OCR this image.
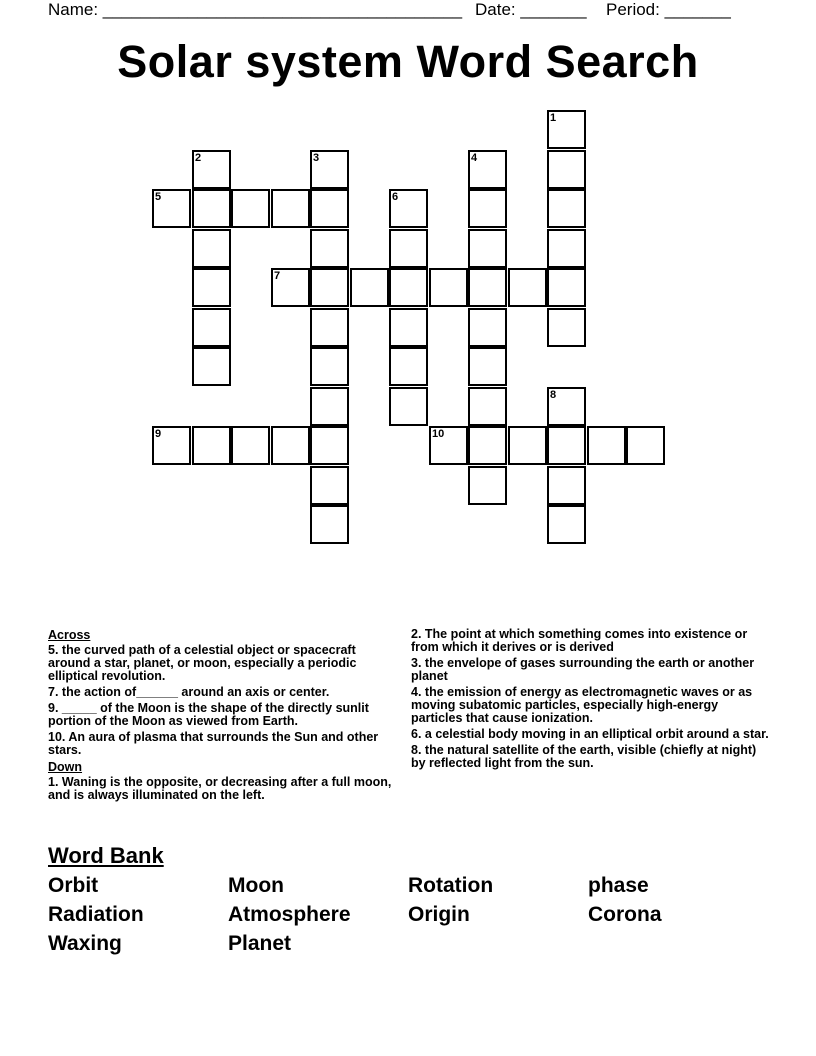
Name: ______________________________________ Date: _______ Period: _______
Solar system Word Search
1
2	3	4
5	6
7
8
9	10
Across
5. the curved path of a celestial object or spacecraft around a star, planet, or moon, especially a periodic elliptical revolution.
7. the action of______ around an axis or center.
9. _____ of the Moon is the shape of the directly sunlit portion of the Moon as viewed from Earth.
10. An aura of plasma that surrounds the Sun and other stars.
Down
1. Waning is the opposite, or decreasing after a full moon, and is always illuminated on the left.
2. The point at which something comes into existence or from which it derives or is derived
3. the envelope of gases surrounding the earth or another planet
4. the emission of energy as electromagnetic waves or as moving subatomic particles, especially high-energy particles that cause ionization.
6. a celestial body moving in an elliptical orbit around a star.
8. the natural satellite of the earth, visible (chiefly at night) by reflected light from the sun.
Word Bank
Orbit	Moon	Rotation	phase
Radiation	Atmosphere	Origin	Corona
Waxing	Planet
